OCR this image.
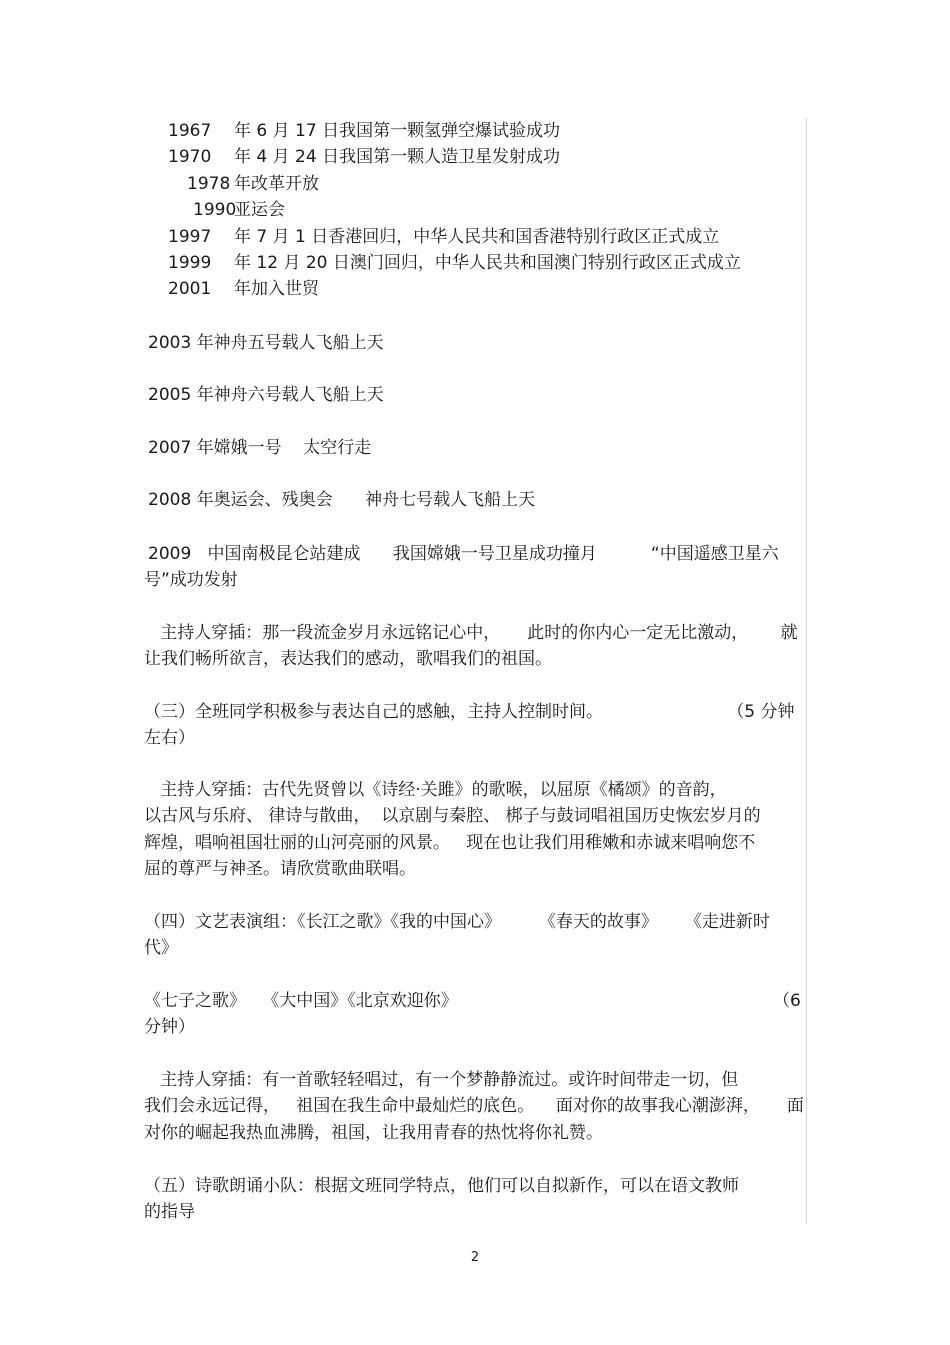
1967 年 6 月 17 日我国第一颗氢弹空爆试验成功
1970 年 4 月 24 日我国第一颗人造卫星发射成功
1978 年改革开放
1990亚运会
1997 年 7 月 1 日香港回归，中华人民共和国香港特别行政区正式成立
1999 年 12 月 20 日澳门回归，中华人民共和国澳门特别行政区正式成立
2001 年加入世贸
2003 年神舟五号载人飞船上天
2005 年神舟六号载人飞船上天
2007 年嫦娥一号    太空行走
2008 年奥运会、残奥会      神舟七号载人飞船上天
2009   中国南极昆仑站建成      我国嫦娥一号卫星成功撞月          “中国遥感卫星六
号”成功发射
主持人穿插：那一段流金岁月永远铭记心中，     此时的你内心一定无比激动，      就
让我们畅所欲言，表达我们的感动，歌唱我们的祖国。
（三）全班同学积极参与表达自己的感触，主持人控制时间。                       （5 分钟
左右）
主持人穿插：古代先贤曾以《诗经·关雎》的歌喉，以屈原《橘颂》的音韵，
以古风与乐府、 律诗与散曲，  以京剧与秦腔、 梆子与鼓词唱祖国历史恢宏岁月的
辉煌，唱响祖国壮丽的山河亮丽的风景。   现在也让我们用稚嫩和赤诚来唱响您不
屈的尊严与神圣。请欣赏歌曲联唱。
（四）文艺表演组：《长江之歌》《我的中国心》       《春天的故事》     《走进新时
代》
《七子之歌》   《大中国》《北京欢迎你》	（6
分钟）
主持人穿插：有一首歌轻轻唱过，有一个梦静静流过。或许时间带走一切，但
我们会永远记得，   祖国在我生命中最灿烂的底色。    面对你的故事我心潮澎湃，     面
对你的崛起我热血沸腾，祖国，让我用青春的热忱将你礼赞。
（五）诗歌朗诵小队：根据文班同学特点，他们可以自拟新作，可以在语文教师
的指导
2
